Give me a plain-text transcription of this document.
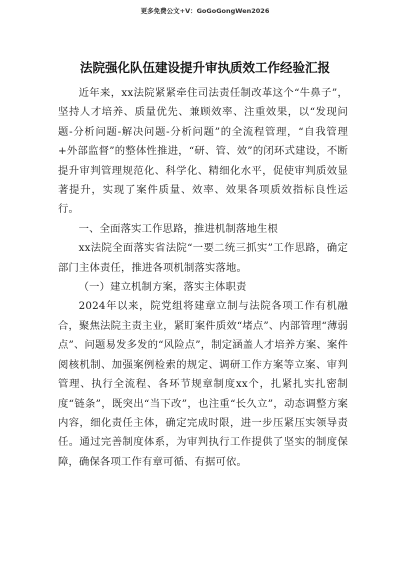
更多免费公文+V：GoGoGongWen2026
法院强化队伍建设提升审执质效工作经验汇报

近年来，xx法院紧紧牵住司法责任制改革这个“牛鼻子”，坚持人才培养、质量优先、兼顾效率、注重效果，以“发现问题-分析问题-解决问题-分析问题”的全流程管理，“自我管理+外部监督”的整体性推进，“研、管、效”的闭环式建设，不断提升审判管理规范化、科学化、精细化水平，促使审判质效显著提升，实现了案件质量、效率、效果各项质效指标良性运行。

一、全面落实工作思路，推进机制落地生根

xx法院全面落实省法院“一要二统三抓实”工作思路，确定部门主体责任，推进各项机制落实落地。

（一）建立机制方案，落实主体职责

2024年以来，院党组将建章立制与法院各项工作有机融合，聚焦法院主责主业，紧盯案件质效“堵点”、内部管理“薄弱点”、问题易发多发的“风险点”，制定涵盖人才培养方案、案件阅核机制、加强案例检索的规定、调研工作方案等立案、审判管理、执行全流程、各环节规章制度xx个，扎紧扎实扎密制度“链条”，既突出“当下改”，也注重“长久立”，动态调整方案内容，细化责任主体，确定完成时限，进一步压紧压实领导责任。通过完善制度体系，为审判执行工作提供了坚实的制度保障，确保各项工作有章可循、有据可依。
